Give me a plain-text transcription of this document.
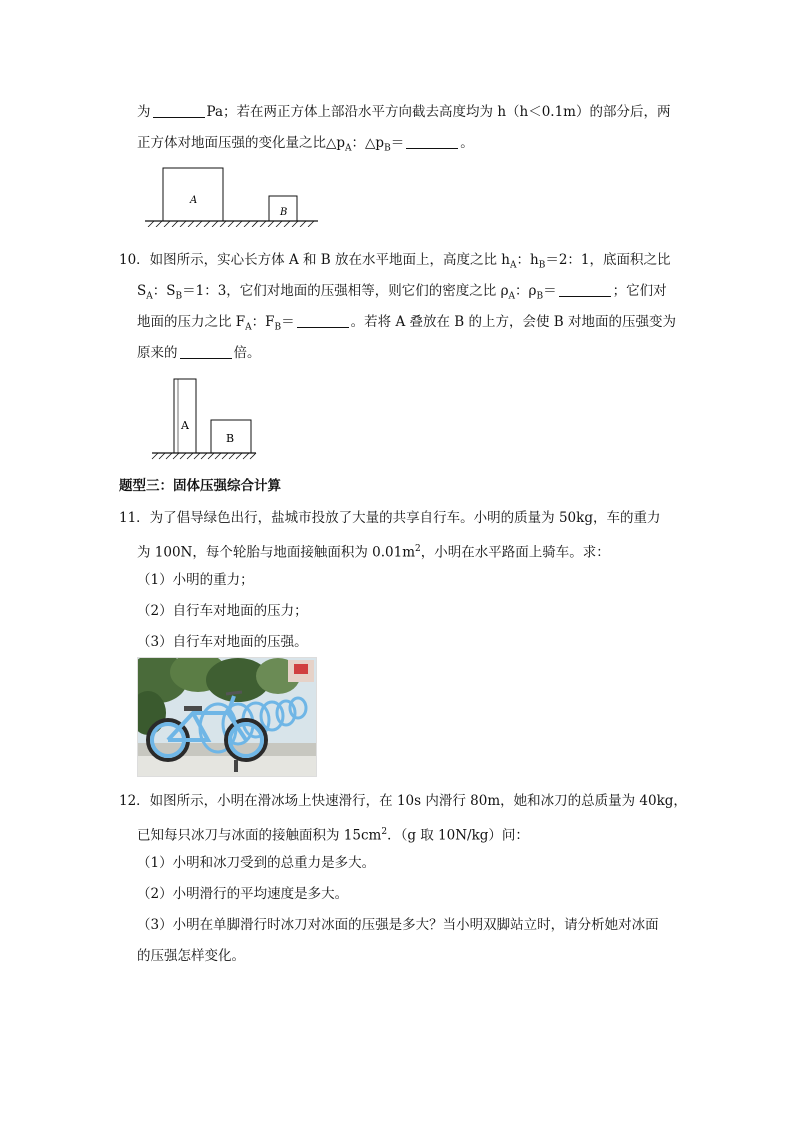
为	Pa；若在两正方体上部沿水平方向截去高度均为 h（h＜0.1m）的部分后，两
正方体对地面压强的变化量之比$\triangle p_A$：$\triangle p_B=$	。
A
B
10．如图所示，实心长方体 A 和 B 放在水平地面上，高度之比 $h_A$：$h_B=2$：1，底面积之比
$S_A$：$S_B=1$：3，它们对地面的压强相等，则它们的密度之比 $\rho_A$：$\rho_B=$	；它们对
地面的压力之比 $F_A$：$F_B=$	。若将 A 叠放在 B 的上方，会使 B 对地面的压强变为
原来的	倍。
A
B
题型三：固体压强综合计算
11．为了倡导绿色出行，盐城市投放了大量的共享自行车。小明的质量为 50kg，车的重力
为 100N，每个轮胎与地面接触面积为 $0.01m^2$，小明在水平路面上骑车。求：
（1）小明的重力；
（2）自行车对地面的压力；
（3）自行车对地面的压强。
12．如图所示，小明在滑冰场上快速滑行，在 10s 内滑行 80m，她和冰刀的总质量为 40kg，
已知每只冰刀与冰面的接触面积为 $15cm^2$．（g 取 10N/kg）问：
（1）小明和冰刀受到的总重力是多大。
（2）小明滑行的平均速度是多大。
（3）小明在单脚滑行时冰刀对冰面的压强是多大？当小明双脚站立时，请分析她对冰面
的压强怎样变化。
